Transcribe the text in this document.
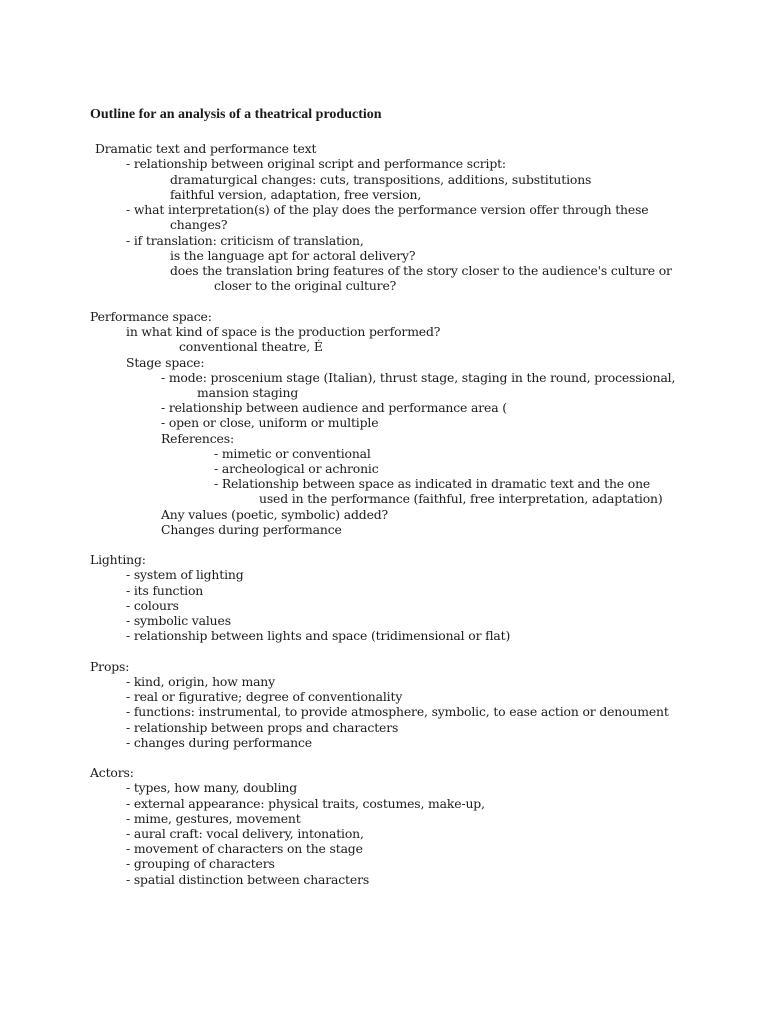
Outline for an analysis of a theatrical production
Dramatic text and performance text
- relationship between original script and performance script:
dramaturgical changes: cuts, transpositions, additions, substitutions
faithful version, adaptation, free version,
- what interpretation(s) of the play does the performance version offer through these
changes?
- if translation: criticism of translation,
is the language apt for actoral delivery?
does the translation bring features of the story closer to the audience's culture or
closer to the original culture?
Performance space:
in what kind of space is the production performed?
conventional theatre, É
Stage space:
- mode: proscenium stage (Italian), thrust stage, staging in the round, processional,
mansion staging
- relationship between audience and performance area (
- open or close, uniform or multiple
References:
- mimetic or conventional
- archeological or achronic
- Relationship between space as indicated in dramatic text and the one
used in the performance (faithful, free interpretation, adaptation)
Any values (poetic, symbolic) added?
Changes during performance
Lighting:
- system of lighting
- its function
- colours
- symbolic values
- relationship between lights and space (tridimensional or flat)
Props:
- kind, origin, how many
- real or figurative; degree of conventionality
- functions: instrumental, to provide atmosphere, symbolic, to ease action or denoument
- relationship between props and characters
- changes during performance
Actors:
- types, how many, doubling
- external appearance: physical traits, costumes, make-up,
- mime, gestures, movement
- aural craft: vocal delivery, intonation,
- movement of characters on the stage
- grouping of characters
- spatial distinction between characters
